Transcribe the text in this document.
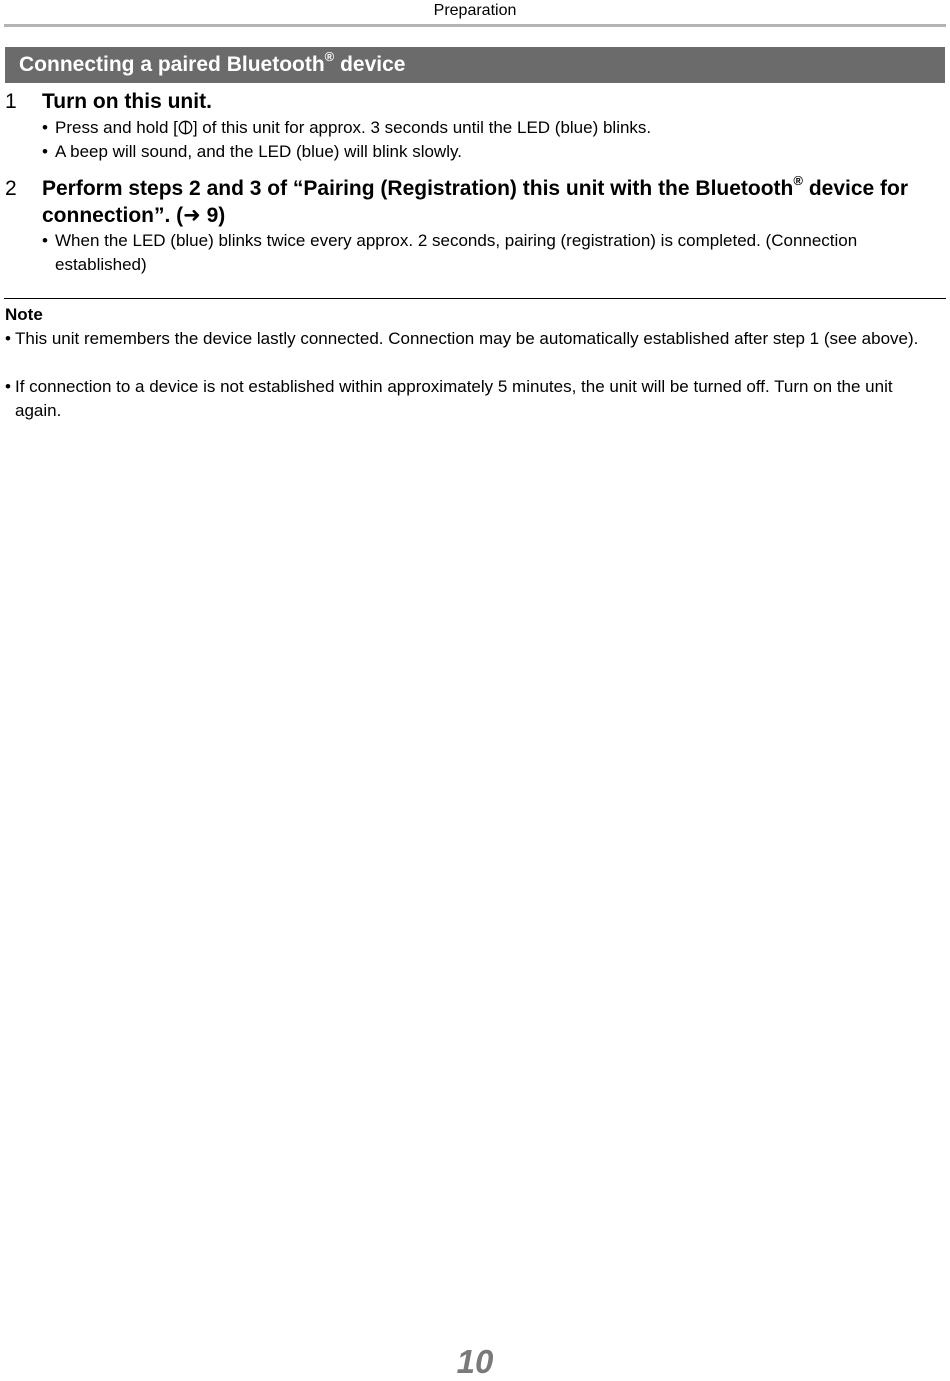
Preparation
Connecting a paired Bluetooth® device
1 Turn on this unit.
• Press and hold [ ] of this unit for approx. 3 seconds until the LED (blue) blinks.
• A beep will sound, and the LED (blue) will blink slowly.
2 Perform steps 2 and 3 of “Pairing (Registration) this unit with the Bluetooth® device for connection”. (➜ 9)
• When the LED (blue) blinks twice every approx. 2 seconds, pairing (registration) is completed. (Connection established)
Note
• This unit remembers the device lastly connected. Connection may be automatically established after step 1 (see above).
• If connection to a device is not established within approximately 5 minutes, the unit will be turned off. Turn on the unit again.
10
